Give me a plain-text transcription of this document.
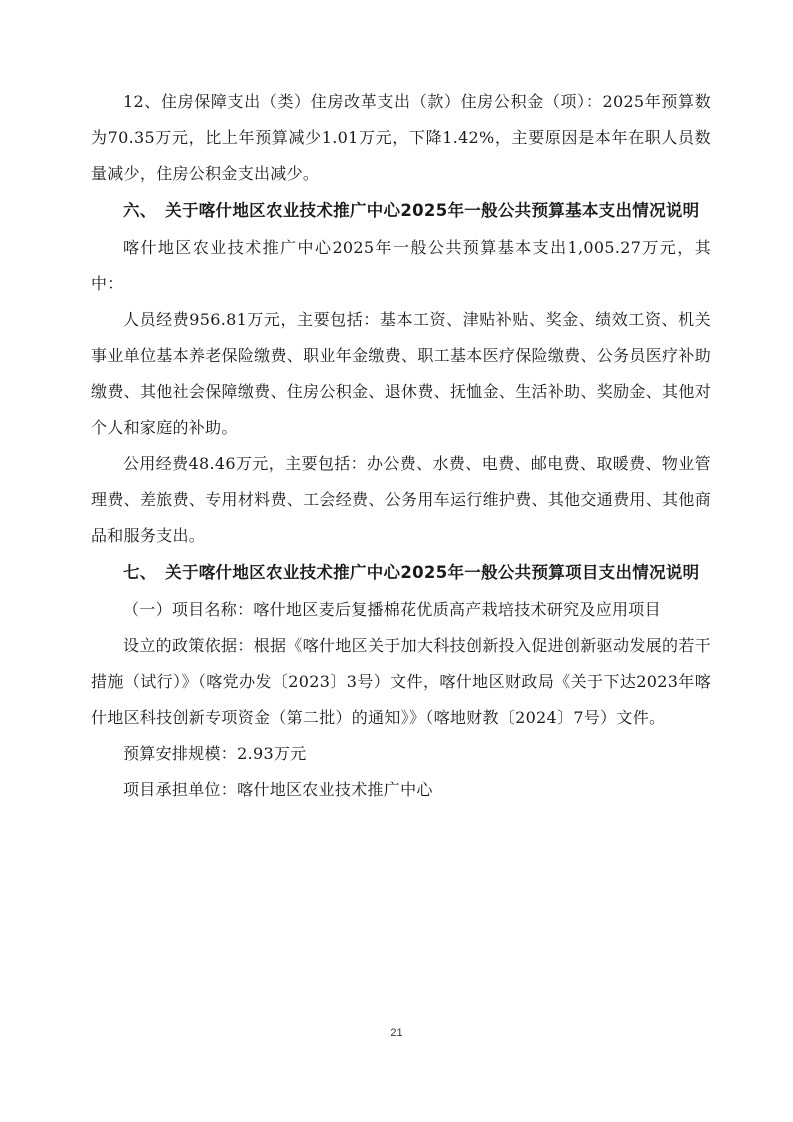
12、住房保障支出（类）住房改革支出（款）住房公积金（项）：2025年预算数为70.35万元，比上年预算减少1.01万元，下降1.42%，主要原因是本年在职人员数量减少，住房公积金支出减少。

六、　关于喀什地区农业技术推广中心2025年一般公共预算基本支出情况说明

喀什地区农业技术推广中心2025年一般公共预算基本支出1,005.27万元，其中：

人员经费956.81万元，主要包括：基本工资、津贴补贴、奖金、绩效工资、机关事业单位基本养老保险缴费、职业年金缴费、职工基本医疗保险缴费、公务员医疗补助缴费、其他社会保障缴费、住房公积金、退休费、抚恤金、生活补助、奖励金、其他对个人和家庭的补助。

公用经费48.46万元，主要包括：办公费、水费、电费、邮电费、取暖费、物业管理费、差旅费、专用材料费、工会经费、公务用车运行维护费、其他交通费用、其他商品和服务支出。

七、　关于喀什地区农业技术推广中心2025年一般公共预算项目支出情况说明

（一）项目名称：喀什地区麦后复播棉花优质高产栽培技术研究及应用项目

设立的政策依据：根据《喀什地区关于加大科技创新投入促进创新驱动发展的若干措施（试行）》（喀党办发〔2023〕3号）文件，喀什地区财政局《关于下达2023年喀什地区科技创新专项资金（第二批）的通知》》（喀地财教〔2024〕7号）文件。

预算安排规模：2.93万元

项目承担单位：喀什地区农业技术推广中心

21
